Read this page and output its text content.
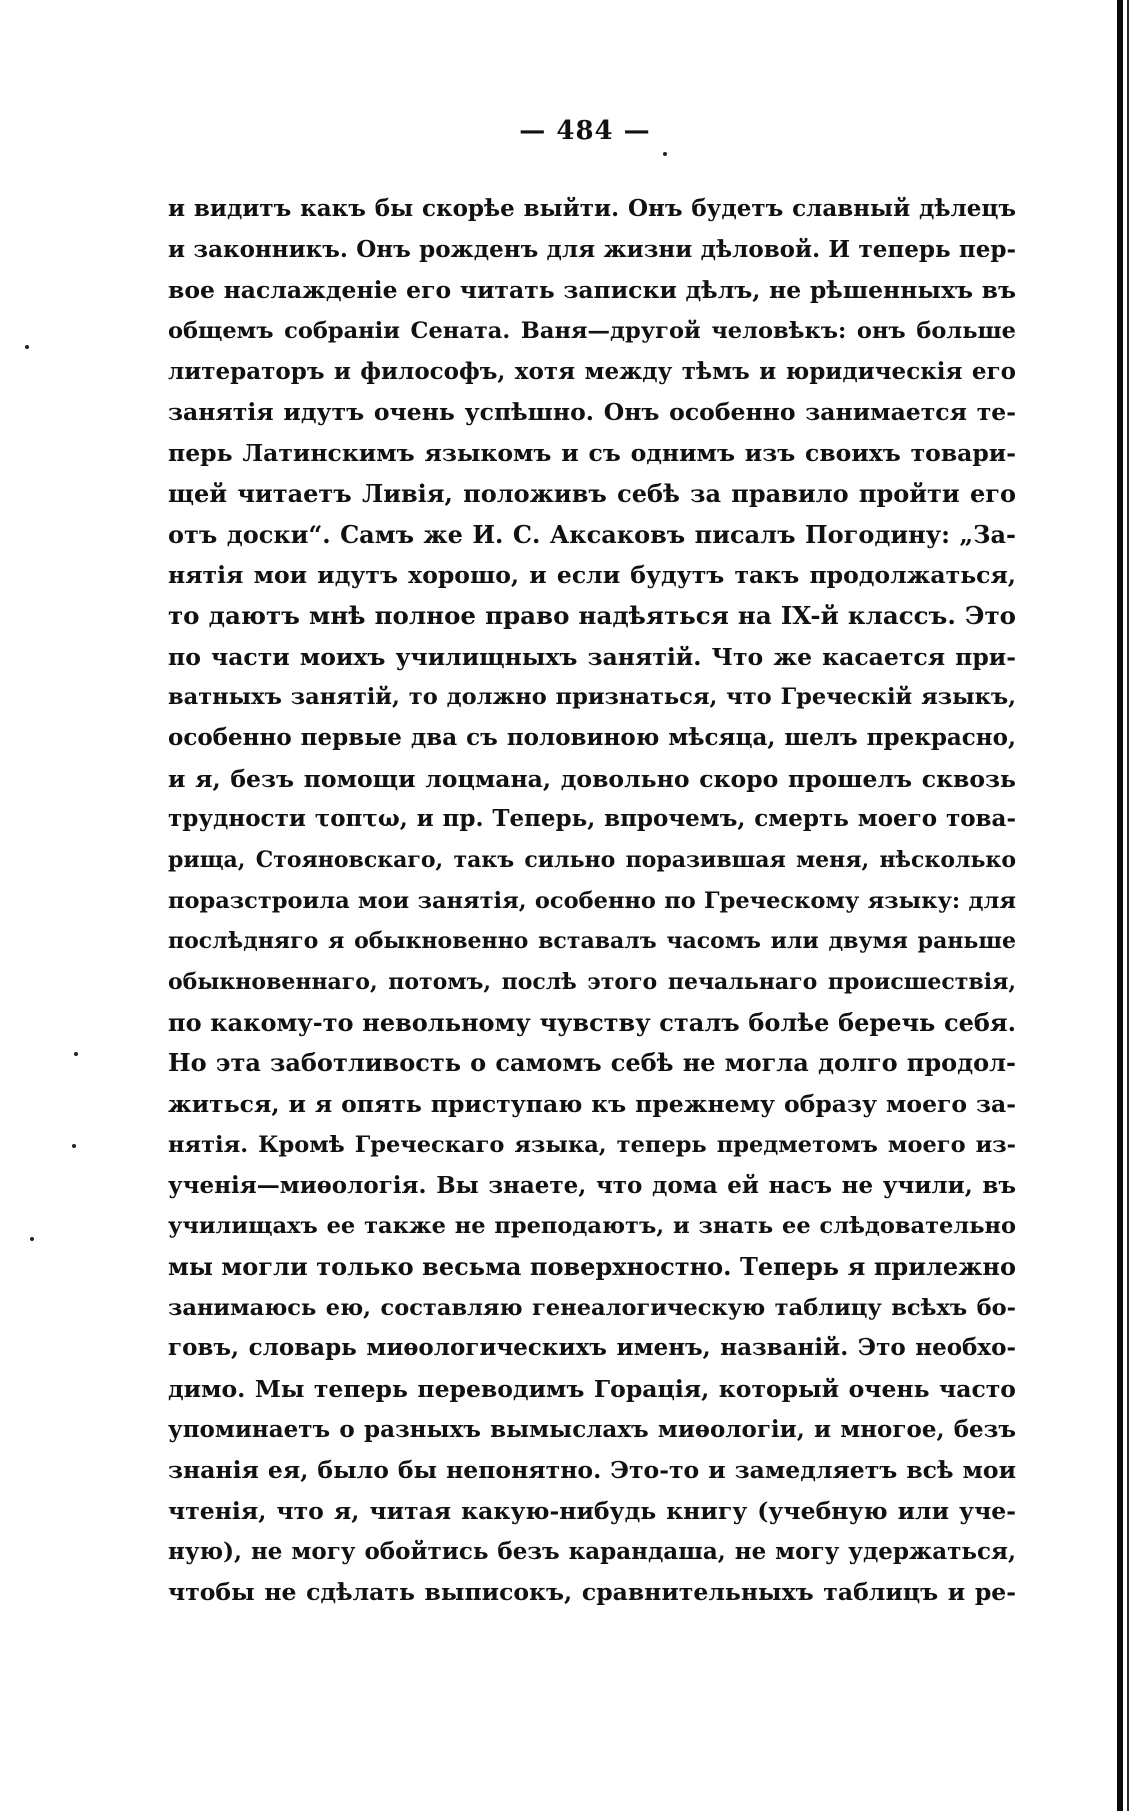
— 484 —
и видитъ какъ бы скорѣе выйти. Онъ будетъ славный дѣлецъ
и законникъ. Онъ рожденъ для жизни дѣловой. И теперь пер-
вое наслажденіе его читать записки дѣлъ, не рѣшенныхъ въ
общемъ собраніи Сената. Ваня—другой человѣкъ: онъ больше
литераторъ и философъ, хотя между тѣмъ и юридическія его
занятія идутъ очень успѣшно. Онъ особенно занимается те-
перь Латинскимъ языкомъ и съ однимъ изъ своихъ товари-
щей читаетъ Ливія, положивъ себѣ за правило пройти его
отъ доски“. Самъ же И. С. Аксаковъ писалъ Погодину: „За-
нятія мои идутъ хорошо, и если будутъ такъ продолжаться,
то даютъ мнѣ полное право надѣяться на IX-й классъ. Это
по части моихъ училищныхъ занятій. Что же касается при-
ватныхъ занятій, то должно признаться, что Греческій языкъ,
особенно первые два съ половиною мѣсяца, шелъ прекрасно,
и я, безъ помощи лоцмана, довольно скоро прошелъ сквозь
трудности τοπτω, и пр. Теперь, впрочемъ, смерть моего това-
рища, Стояновскаго, такъ сильно поразившая меня, нѣсколько
поразстроила мои занятія, особенно по Греческому языку: для
послѣдняго я обыкновенно вставалъ часомъ или двумя раньше
обыкновеннаго, потомъ, послѣ этого печальнаго происшествія,
по какому-то невольному чувству сталъ болѣе беречь себя.
Но эта заботливость о самомъ себѣ не могла долго продол-
житься, и я опять приступаю къ прежнему образу моего за-
нятія. Кромѣ Греческаго языка, теперь предметомъ моего из-
ученія—миѳологія. Вы знаете, что дома ей насъ не учили, въ
училищахъ ее также не преподаютъ, и знать ее слѣдовательно
мы могли только весьма поверхностно. Теперь я прилежно
занимаюсь ею, составляю генеалогическую таблицу всѣхъ бо-
говъ, словарь миѳологическихъ именъ, названій. Это необхо-
димо. Мы теперь переводимъ Горація, который очень часто
упоминаетъ о разныхъ вымыслахъ миѳологіи, и многое, безъ
знанія ея, было бы непонятно. Это-то и замедляетъ всѣ мои
чтенія, что я, читая какую-нибудь книгу (учебную или уче-
ную), не могу обойтись безъ карандаша, не могу удержаться,
чтобы не сдѣлать выписокъ, сравнительныхъ таблицъ и ре-
